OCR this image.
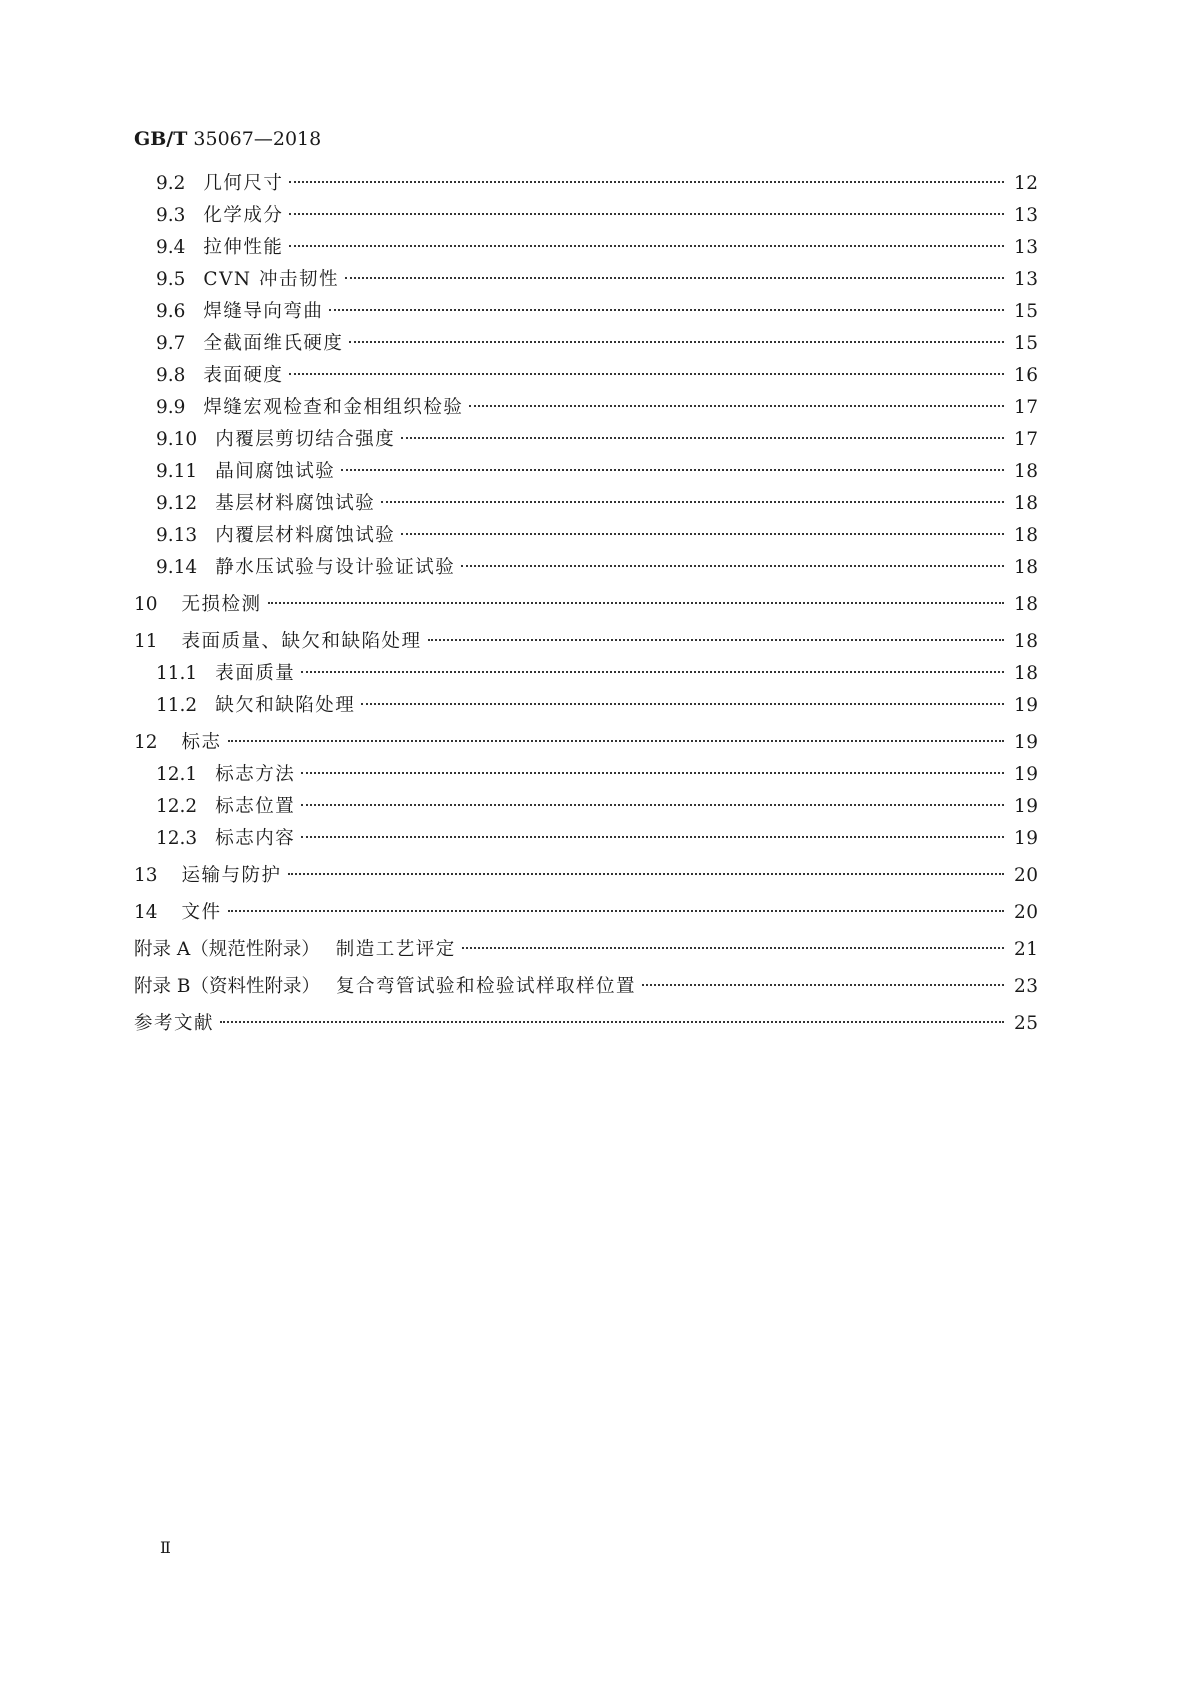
GB/T 35067—2018
9.2 几何尺寸	12
9.3 化学成分	13
9.4 拉伸性能	13
9.5 CVN 冲击韧性	13
9.6 焊缝导向弯曲	15
9.7 全截面维氏硬度	15
9.8 表面硬度	16
9.9 焊缝宏观检查和金相组织检验	17
9.10 内覆层剪切结合强度	17
9.11 晶间腐蚀试验	18
9.12 基层材料腐蚀试验	18
9.13 内覆层材料腐蚀试验	18
9.14 静水压试验与设计验证试验	18
10 无损检测	18
11 表面质量、缺欠和缺陷处理	18
11.1 表面质量	18
11.2 缺欠和缺陷处理	19
12 标志	19
12.1 标志方法	19
12.2 标志位置	19
12.3 标志内容	19
13 运输与防护	20
14 文件	20
附录 A（规范性附录） 制造工艺评定	21
附录 B（资料性附录） 复合弯管试验和检验试样取样位置	23
参考文献	25
Ⅱ
